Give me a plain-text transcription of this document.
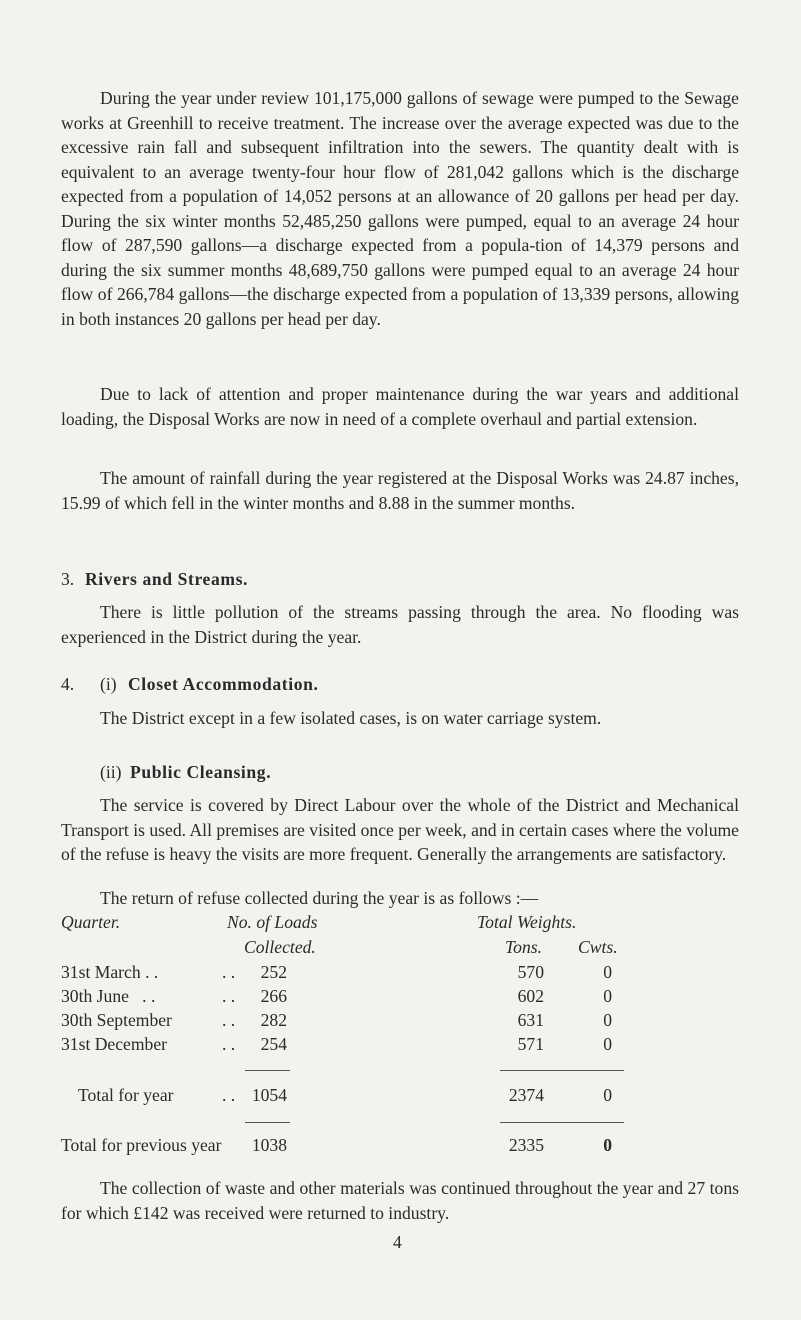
During the year under review 101,175,000 gallons of sewage were pumped to the Sewage works at Greenhill to receive treatment. The increase over the average expected was due to the excessive rain fall and subsequent infiltration into the sewers. The quantity dealt with is equivalent to an average twenty-four hour flow of 281,042 gallons which is the discharge expected from a population of 14,052 persons at an allowance of 20 gallons per head per day. During the six winter months 52,485,250 gallons were pumped, equal to an average 24 hour flow of 287,590 gallons—a discharge expected from a popula-tion of 14,379 persons and during the six summer months 48,689,750 gallons were pumped equal to an average 24 hour flow of 266,784 gallons—the discharge expected from a population of 13,339 persons, allowing in both instances 20 gallons per head per day.

Due to lack of attention and proper maintenance during the war years and additional loading, the Disposal Works are now in need of a complete overhaul and partial extension.

The amount of rainfall during the year registered at the Disposal Works was 24.87 inches, 15.99 of which fell in the winter months and 8.88 in the summer months.

3. Rivers and Streams.

There is little pollution of the streams passing through the area. No flooding was experienced in the District during the year.

4. (i) Closet Accommodation.

The District except in a few isolated cases, is on water carriage system.

(ii) Public Cleansing.

The service is covered by Direct Labour over the whole of the District and Mechanical Transport is used. All premises are visited once per week, and in certain cases where the volume of the refuse is heavy the visits are more frequent. Generally the arrangements are satisfactory.

The return of refuse collected during the year is as follows :—
Quarter.	No. of Loads
Collected.
Total Weights.
Tons. Cwts.
31st March . .	. .	252	570	0
30th June . .	. .	266	602	0
30th September	. .	282	631	0
31st December	. .	254	571	0
Total for year	. . 1054	2374	0
Total for previous year	1038	2335	0

The collection of waste and other materials was continued throughout the year and 27 tons for which £142 was received were returned to industry.

4
